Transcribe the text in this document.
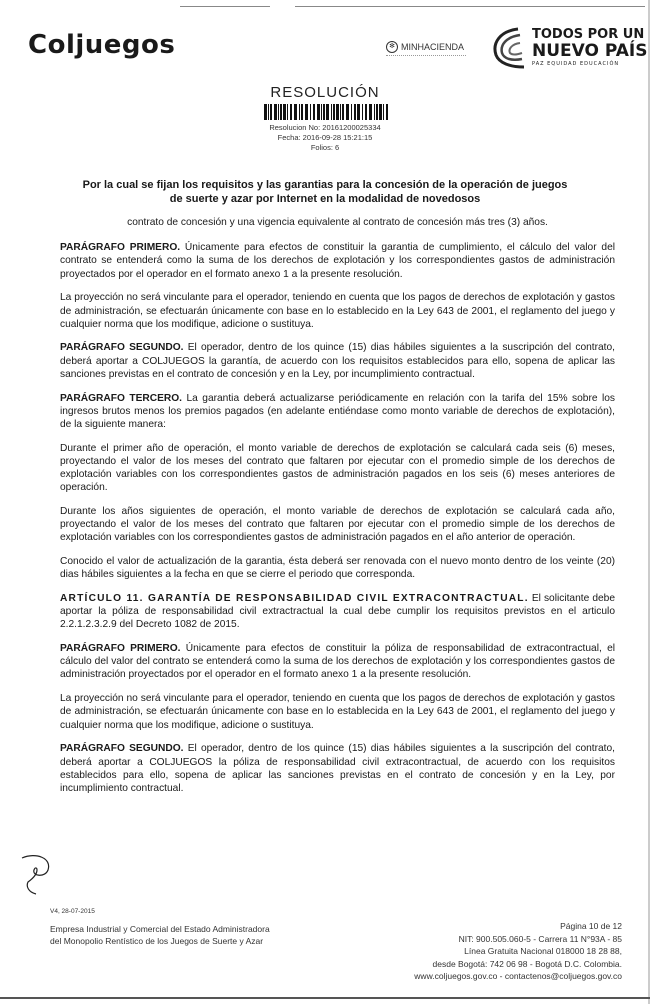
Coljuegos	✻ MINHACIENDA
TODOS POR UN
NUEVO PAÍS
PAZ EQUIDAD EDUCACIÓN
RESOLUCIÓN
Resolucion No: 20161200025334
Fecha: 2016-09-28 15:21:15
Folios: 6
Por la cual se fijan los requisitos y las garantias para la concesión de la operación de juegos
de suerte y azar por Internet en la modalidad de novedosos

contrato de concesión y una vigencia equivalente al contrato de concesión más tres (3) años.

PARÁGRAFO PRIMERO. Únicamente para efectos de constituir la garantia de cumplimiento, el cálculo del valor del contrato se entenderá como la suma de los derechos de explotación y los correspondientes gastos de administración proyectados por el operador en el formato anexo 1 a la presente resolución.

La proyección no será vinculante para el operador, teniendo en cuenta que los pagos de derechos de explotación y gastos de administración, se efectuarán únicamente con base en lo establecido en la Ley 643 de 2001, el reglamento del juego y cualquier norma que los modifique, adicione o sustituya.

PARÁGRAFO SEGUNDO. El operador, dentro de los quince (15) dias hábiles siguientes a la suscripción del contrato, deberá aportar a COLJUEGOS la garantía, de acuerdo con los requisitos establecidos para ello, sopena de aplicar las sanciones previstas en el contrato de concesión y en la Ley, por incumplimiento contractual.

PARÁGRAFO TERCERO. La garantia deberá actualizarse periódicamente en relación con la tarifa del 15% sobre los ingresos brutos menos los premios pagados (en adelante entiéndase como monto variable de derechos de explotación), de la siguiente manera:

Durante el primer año de operación, el monto variable de derechos de explotación se calculará cada seis (6) meses, proyectando el valor de los meses del contrato que faltaren por ejecutar con el promedio simple de los derechos de explotación variables con los correspondientes gastos de administración pagados en los seis (6) meses anteriores de operación.

Durante los años siguientes de operación, el monto variable de derechos de explotación se calculará cada año, proyectando el valor de los meses del contrato que faltaren por ejecutar con el promedio simple de los derechos de explotación variables con los correspondientes gastos de administración pagados en el año anterior de operación.

Conocido el valor de actualización de la garantia, ésta deberá ser renovada con el nuevo monto dentro de los veinte (20) dias hábiles siguientes a la fecha en que se cierre el periodo que corresponda.

ARTÍCULO 11. GARANTÍA DE RESPONSABILIDAD CIVIL EXTRACONTRACTUAL. El solicitante debe aportar la póliza de responsabilidad civil extractractual la cual debe cumplir los requisitos previstos en el articulo 2.2.1.2.3.2.9 del Decreto 1082 de 2015.

PARÁGRAFO PRIMERO. Únicamente para efectos de constituir la póliza de responsabilidad de extracontractual, el cálculo del valor del contrato se entenderá como la suma de los derechos de explotación y los correspondientes gastos de administración proyectados por el operador en el formato anexo 1 a la presente resolución.

La proyección no será vinculante para el operador, teniendo en cuenta que los pagos de derechos de explotación y gastos de administración, se efectuarán únicamente con base en lo establecida en la Ley 643 de 2001, el reglamento del juego y cualquier norma que los modifique, adicione o sustituya.

PARÁGRAFO SEGUNDO. El operador, dentro de los quince (15) dias hábiles siguientes a la suscripción del contrato, deberá aportar a COLJUEGOS la póliza de responsabilidad civil extracontractual, de acuerdo con los requisitos establecidos para ello, sopena de aplicar las sanciones previstas en el contrato de concesión y en la Ley, por incumplimiento contractual.

V4, 28-07-2015
Empresa Industrial y Comercial del Estado Administradora
del Monopolio Rentístico de los Juegos de Suerte y Azar
Página 10 de 12
NIT: 900.505.060-5 - Carrera 11 N°93A - 85
Línea Gratuita Nacional 018000 18 28 88,
desde Bogotá: 742 06 98 - Bogotá D.C. Colombia.
www.coljuegos.gov.co - contactenos@coljuegos.gov.co
